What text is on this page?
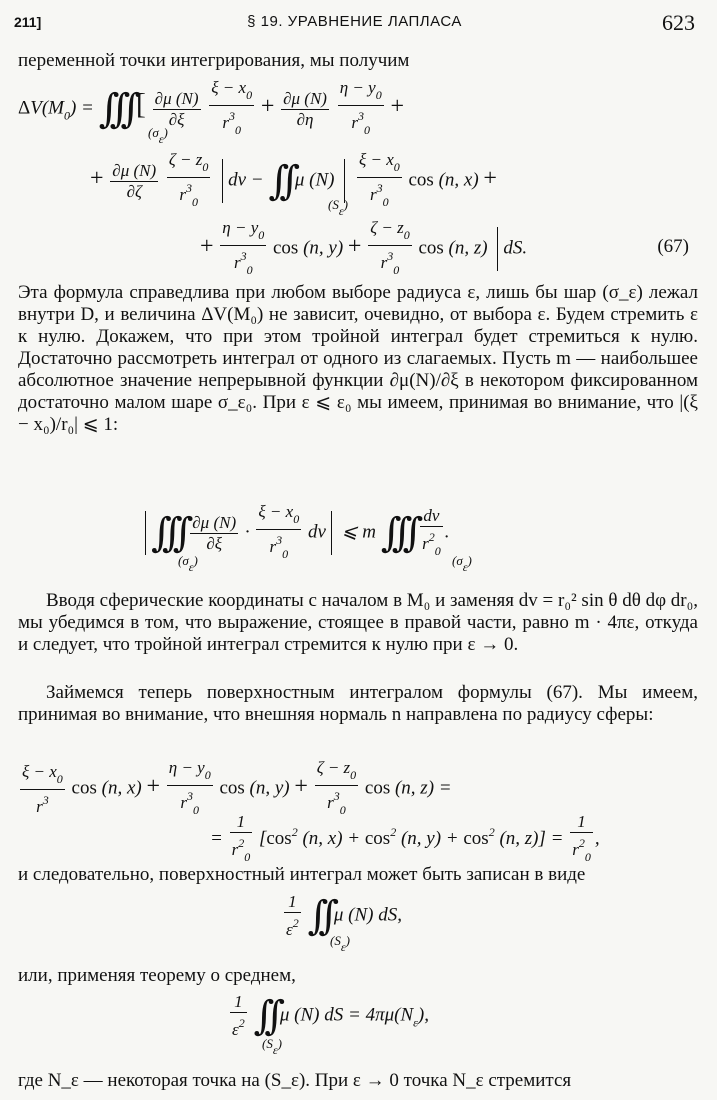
211]	§ 19. УРАВНЕНИЕ ЛАПЛАСА	623
переменной точки интегрирования, мы получим
$\Delta V(M_0)$ = ∫∫∫ [ $\frac{\partial\mu (N)}{\partial\xi}$
$\frac{\xi - x_0}{r^3_0} + \frac{\partial\mu (N)}{\partial\eta}$
$\frac{\eta - y_0}{r^3_0}$ +
(σε)
+ $\frac{\partial\mu (N)}{\partial\zeta}$
$\frac{\zeta - z_0}{r^3_0}$ dv − ∫∫ μ $(N) \frac{\xi - x_0}{r^3_0}$ cos (n, x) +
(Sε)
+ $\frac{\eta - y_0}{r^3_0}$ cos (n, $y) + \frac{\zeta - z_0}{r^3_0}$ cos (n, z) dS.	(67)
Эта формула справедлива при любом выборе радиуса ε, лишь бы шар (σ_ε) лежал внутри D, и величина ΔV(M₀) не зависит, очевидно, от выбора ε. Будем стремить ε к нулю. Докажем, что при этом тройной интеграл будет стремиться к нулю. Достаточно рассмотреть интеграл от одного из слагаемых. Пусть m — наибольшее абсолютное значение непрерывной функции ∂μ(N)/∂ξ в некотором фиксированном достаточно малом шаре σ_ε₀. При ε ⩽ ε₀ мы имеем, принимая во внимание, что |(ξ − x₀)/r₀| ⩽ 1:
∫∫∫ $\frac{\partial\mu (N)}{\partial\xi} \cdot \frac{\xi - x_0}{r^3_0}$ dv ⩽ m ∫∫∫ $\frac{dv}{r^2_0}$ .
(σε)	(σε)
Вводя сферические координаты с началом в M₀ и заменяя dv = r₀² sin θ dθ dφ dr₀, мы убедимся в том, что выражение, стоящее в правой части, равно m · 4πε, откуда и следует, что тройной интеграл стремится к нулю при ε → 0.
Займемся теперь поверхностным интегралом формулы (67). Мы имеем, принимая во внимание, что внешняя нормаль n направлена по радиусу сферы:
$\frac{\xi - x_0}{r^3}$ cos (n, $x) + \frac{\eta - y_0}{r^3_0}$ cos (n, $y) + \frac{\zeta - z_0}{r^3_0}$ cos (n, z) =
= $\frac{1}{r^2_0} [\cos^2$ (n, $x) + \cos^2 (n$, $y) + \cos^2 (n$, $z)] = \frac{1}{r^2_0}$ ,
и следовательно, поверхностный интеграл может быть записан в виде
$\frac{1}{\varepsilon^2}$ ∫∫ μ (N) dS,
(Sε)
или, применяя теорему о среднем,
$\frac{1}{\varepsilon^2}$ ∫∫ μ (N) dS = $4\pi\mu(N_\varepsilon)$,
(Sε)
где N_ε — некоторая точка на (S_ε). При ε → 0 точка N_ε стремится
